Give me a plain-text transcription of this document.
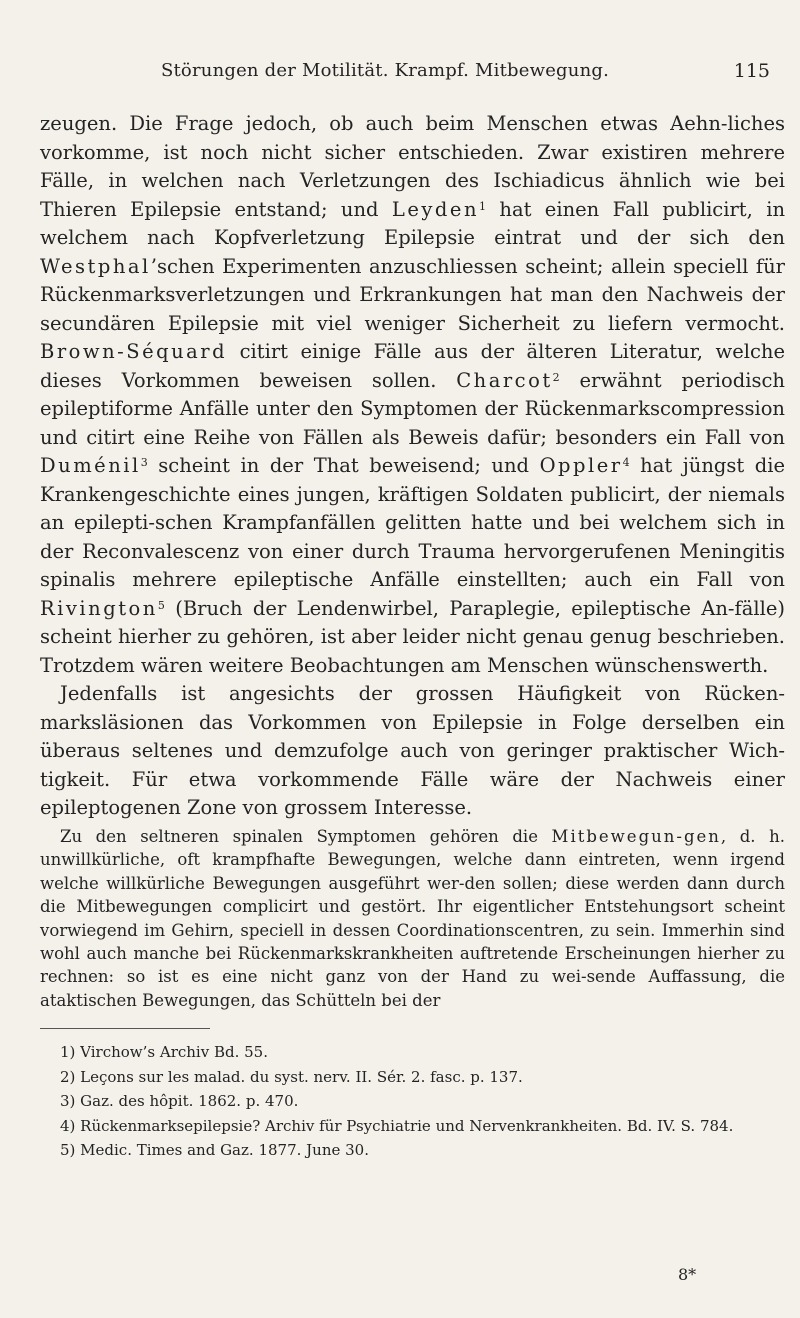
Störungen der Motilität. Krampf. Mitbewegung.	115

zeugen. Die Frage jedoch, ob auch beim Menschen etwas Aehn-liches vorkomme, ist noch nicht sicher entschieden. Zwar existiren mehrere Fälle, in welchen nach Verletzungen des Ischiadicus ähnlich wie bei Thieren Epilepsie entstand; und Leyden$^1$ hat einen Fall publicirt, in welchem nach Kopfverletzung Epilepsie eintrat und der sich den Westphal’schen Experimenten anzuschliessen scheint; allein speciell für Rückenmarksverletzungen und Erkrankungen hat man den Nachweis der secundären Epilepsie mit viel weniger Sicherheit zu liefern vermocht. Brown-Séquard citirt einige Fälle aus der älteren Literatur, welche dieses Vorkommen beweisen sollen. Charcot$^2$ erwähnt periodisch epileptiforme Anfälle unter den Symptomen der Rückenmarkscompression und citirt eine Reihe von Fällen als Beweis dafür; besonders ein Fall von Duménil$^3$ scheint in der That beweisend; und Oppler$^4$ hat jüngst die Krankengeschichte eines jungen, kräftigen Soldaten publicirt, der niemals an epilepti-schen Krampfanfällen gelitten hatte und bei welchem sich in der Reconvalescenz von einer durch Trauma hervorgerufenen Meningitis spinalis mehrere epileptische Anfälle einstellten; auch ein Fall von Rivington$^5$ (Bruch der Lendenwirbel, Paraplegie, epileptische An-fälle) scheint hierher zu gehören, ist aber leider nicht genau genug beschrieben. Trotzdem wären weitere Beobachtungen am Menschen wünschenswerth.

Jedenfalls ist angesichts der grossen Häufigkeit von Rücken-marksläsionen das Vorkommen von Epilepsie in Folge derselben ein überaus seltenes und demzufolge auch von geringer praktischer Wich-tigkeit. Für etwa vorkommende Fälle wäre der Nachweis einer epileptogenen Zone von grossem Interesse.

Zu den seltneren spinalen Symptomen gehören die Mitbewegun-gen, d. h. unwillkürliche, oft krampfhafte Bewegungen, welche dann eintreten, wenn irgend welche willkürliche Bewegungen ausgeführt wer-den sollen; diese werden dann durch die Mitbewegungen complicirt und gestört. Ihr eigentlicher Entstehungsort scheint vorwiegend im Gehirn, speciell in dessen Coordinationscentren, zu sein. Immerhin sind wohl auch manche bei Rückenmarkskrankheiten auftretende Erscheinungen hierher zu rechnen: so ist es eine nicht ganz von der Hand zu wei-sende Auffassung, die ataktischen Bewegungen, das Schütteln bei der

1) Virchow’s Archiv Bd. 55.

2) Leçons sur les malad. du syst. nerv. II. Sér. 2. fasc. p. 137.

3) Gaz. des hôpit. 1862. p. 470.

4) Rückenmarksepilepsie? Archiv für Psychiatrie und Nervenkrankheiten. Bd. IV. S. 784.

5) Medic. Times and Gaz. 1877. June 30.

8*
